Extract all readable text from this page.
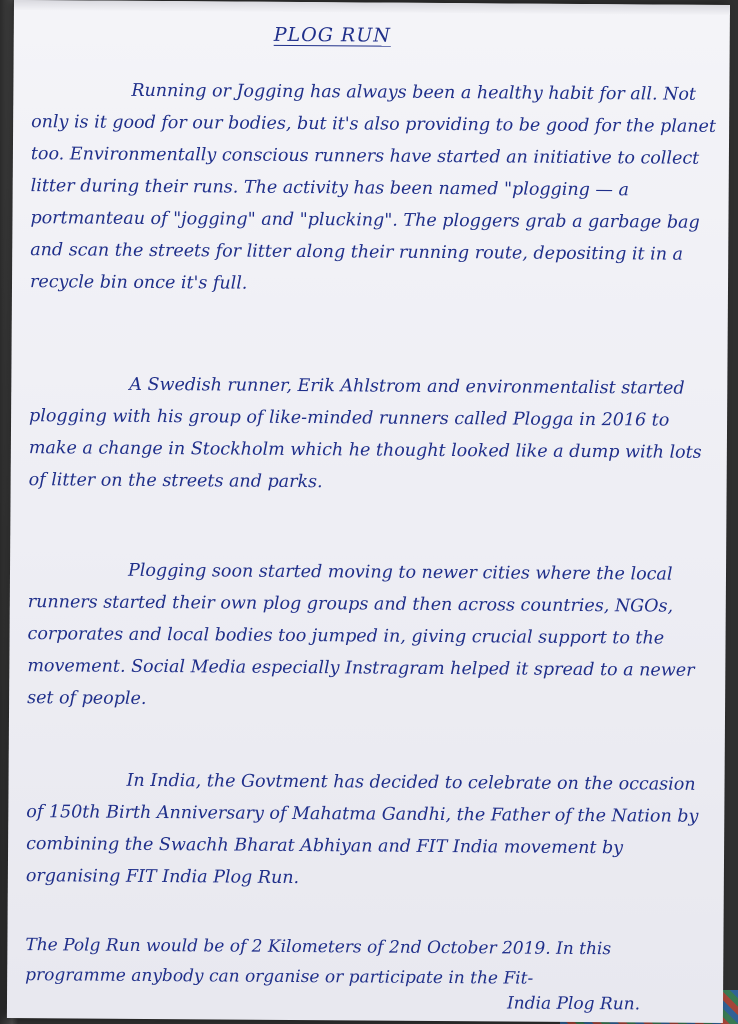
PLOG RUN

Running or Jogging has always been a healthy habit for all. Not only is it good for our bodies, but it's also providing to be good for the planet too. Environmentally conscious runners have started an initiative to collect litter during their runs. The activity has been named "plogging — a portmanteau of "jogging" and "plucking". The ploggers grab a garbage bag and scan the streets for litter along their running route, depositing it in a recycle bin once it's full.

A Swedish runner, Erik Ahlstrom and environmentalist started plogging with his group of like-minded runners called Plogga in 2016 to make a change in Stockholm which he thought looked like a dump with lots of litter on the streets and parks.

Plogging soon started moving to newer cities where the local runners started their own plog groups and then across countries, NGOs, corporates and local bodies too jumped in, giving crucial support to the movement. Social Media especially Instragram helped it spread to a newer set of people.

In India, the Govtment has decided to celebrate on the occasion of 150th Birth Anniversary of Mahatma Gandhi, the Father of the Nation by combining the Swachh Bharat Abhiyan and FIT India movement by organising FIT India Plog Run.

The Polg Run would be of 2 Kilometers of 2nd October 2019. In this programme anybody can organise or participate in the Fit-

India Plog Run.
